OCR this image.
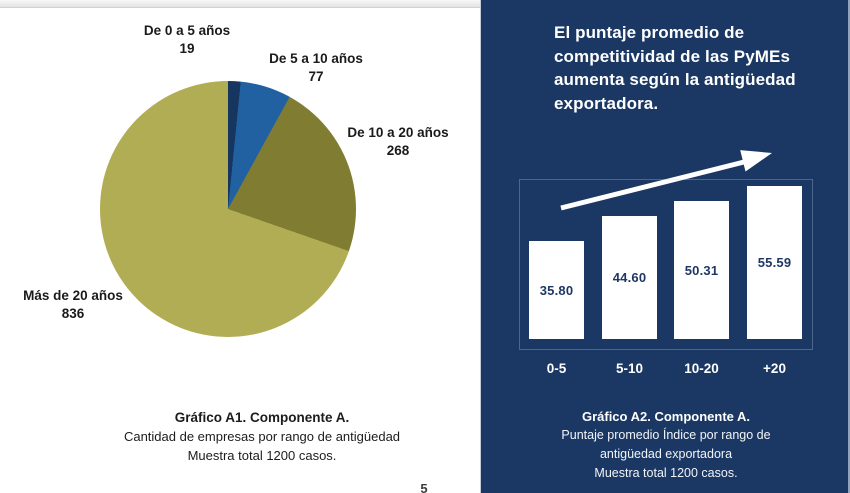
De 0 a 5 años
19
De 5 a 10 años
77
De 10 a 20 años
268
Más de 20 años
836
Gráfico A1. Componente A.
Cantidad de empresas por rango de antigüedad
Muestra total 1200 casos.
5
El puntaje promedio de
competitividad de las PyMEs
aumenta según la antigüedad
exportadora.
35.80
44.60	50.31	55.59
0-5	5-10	10-20	+20
Gráfico A2. Componente A.
Puntaje promedio Índice por rango de
antigüedad exportadora
Muestra total 1200 casos.
